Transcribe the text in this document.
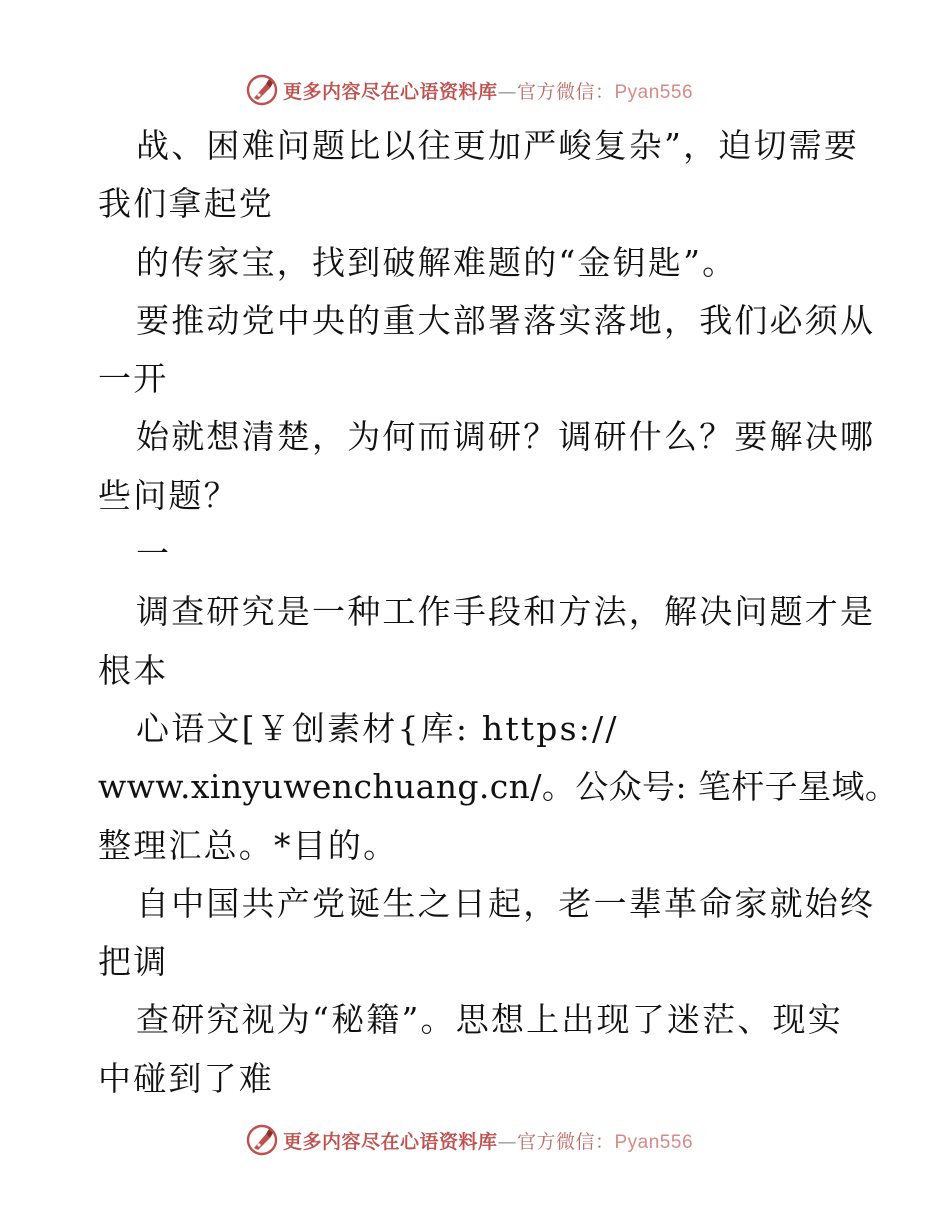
更多内容尽在心语资料库—官方微信：Pyan556
战、困难问题比以往更加严峻复杂”，迫切需要
我们拿起党
的传家宝，找到破解难题的“金钥匙”。
要推动党中央的重大部署落实落地，我们必须从
一开
始就想清楚，为何而调研？调研什么？要解决哪
些问题？
一
调查研究是一种工作手段和方法，解决问题才是
根本
心语文[￥创素材{库: https://
www.xinyuwenchuang.cn/。公众号: 笔杆子星域。
整理汇总。*目的。
自中国共产党诞生之日起，老一辈革命家就始终
把调
查研究视为“秘籍”。思想上出现了迷茫、现实
中碰到了难
更多内容尽在心语资料库—官方微信：Pyan556
